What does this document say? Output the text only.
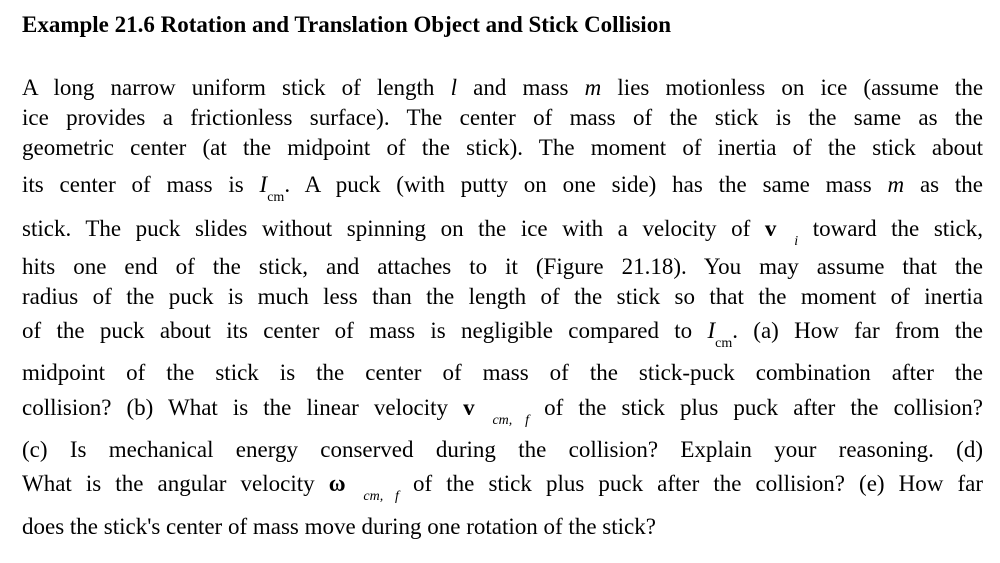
Example 21.6 Rotation and Translation Object and Stick Collision
A long narrow uniform stick of length l and mass m lies motionless on ice (assume the
ice provides a frictionless surface). The center of mass of the stick is the same as the
geometric center (at the midpoint of the stick). The moment of inertia of the stick about
its center of mass is $I_{cm}$. A puck (with putty on one side) has the same mass m as the
stick. The puck slides without spinning on the ice with a velocity of $v⃗_i$ toward the stick,
hits one end of the stick, and attaches to it (Figure 21.18). You may assume that the
radius of the puck is much less than the length of the stick so that the moment of inertia
of the puck about its center of mass is negligible compared to $I_{cm}$. (a) How far from the
midpoint of the stick is the center of mass of the stick-puck combination after the
collision? (b) What is the linear velocity $v⃗_{cm, f}$ of the stick plus puck after the collision?
(c) Is mechanical energy conserved during the collision? Explain your reasoning. (d)
What is the angular velocity $\omega⃗_{cm, f}$ of the stick plus puck after the collision? (e) How far
does the stick's center of mass move during one rotation of the stick?
